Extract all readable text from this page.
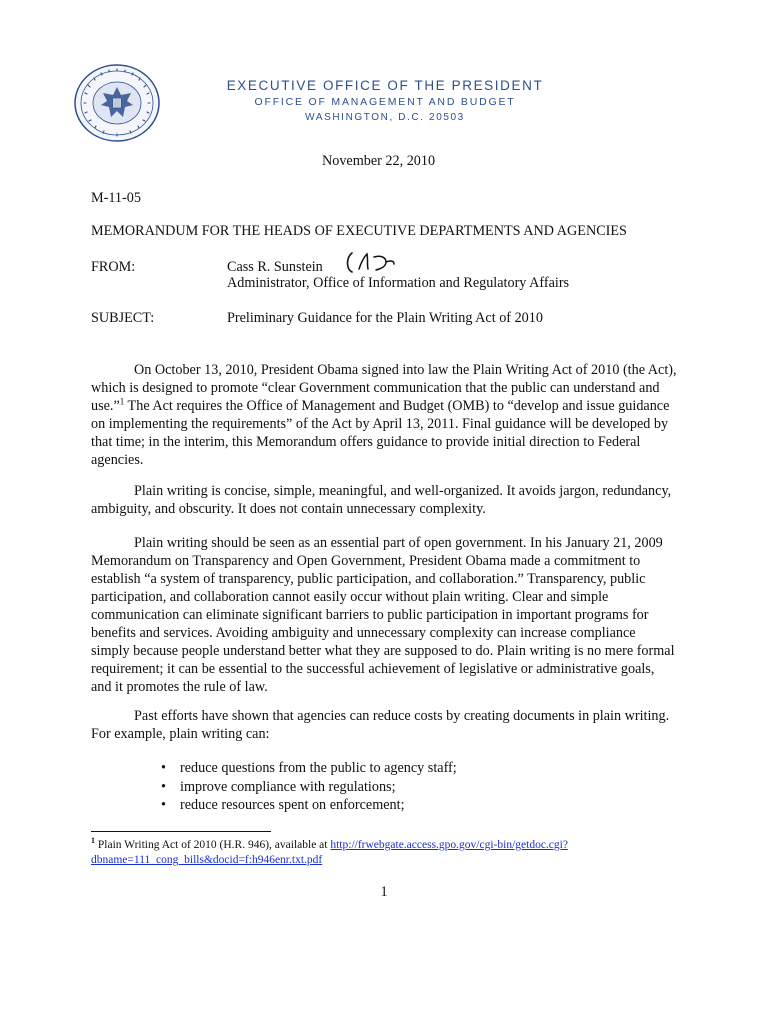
EXECUTIVE OFFICE OF THE PRESIDENT
OFFICE OF MANAGEMENT AND BUDGET
WASHINGTON, D.C. 20503
November 22, 2010
M-11-05
MEMORANDUM FOR THE HEADS OF EXECUTIVE DEPARTMENTS AND AGENCIES
FROM:	Cass R. Sunstein
Administrator, Office of Information and Regulatory Affairs
SUBJECT:	Preliminary Guidance for the Plain Writing Act of 2010
On October 13, 2010, President Obama signed into law the Plain Writing Act of 2010 (the Act), which is designed to promote “clear Government communication that the public can understand and use.”$^1$ The Act requires the Office of Management and Budget (OMB) to “develop and issue guidance on implementing the requirements” of the Act by April 13, 2011. Final guidance will be developed by that time; in the interim, this Memorandum offers guidance to provide initial direction to Federal agencies.
Plain writing is concise, simple, meaningful, and well-organized. It avoids jargon, redundancy, ambiguity, and obscurity. It does not contain unnecessary complexity.
Plain writing should be seen as an essential part of open government. In his January 21, 2009 Memorandum on Transparency and Open Government, President Obama made a commitment to establish “a system of transparency, public participation, and collaboration.” Transparency, public participation, and collaboration cannot easily occur without plain writing. Clear and simple communication can eliminate significant barriers to public participation in important programs for benefits and services. Avoiding ambiguity and unnecessary complexity can increase compliance simply because people understand better what they are supposed to do. Plain writing is no mere formal requirement; it can be essential to the successful achievement of legislative or administrative goals, and it promotes the rule of law.
Past efforts have shown that agencies can reduce costs by creating documents in plain writing. For example, plain writing can:
• reduce questions from the public to agency staff;
• improve compliance with regulations;
• reduce resources spent on enforcement;
$^1$ Plain Writing Act of 2010 (H.R. 946), available at http://frwebgate.access.gpo.gov/cgi-bin/getdoc.cgi?dbname=111_cong_bills&docid=f:h946enr.txt.pdf
1
